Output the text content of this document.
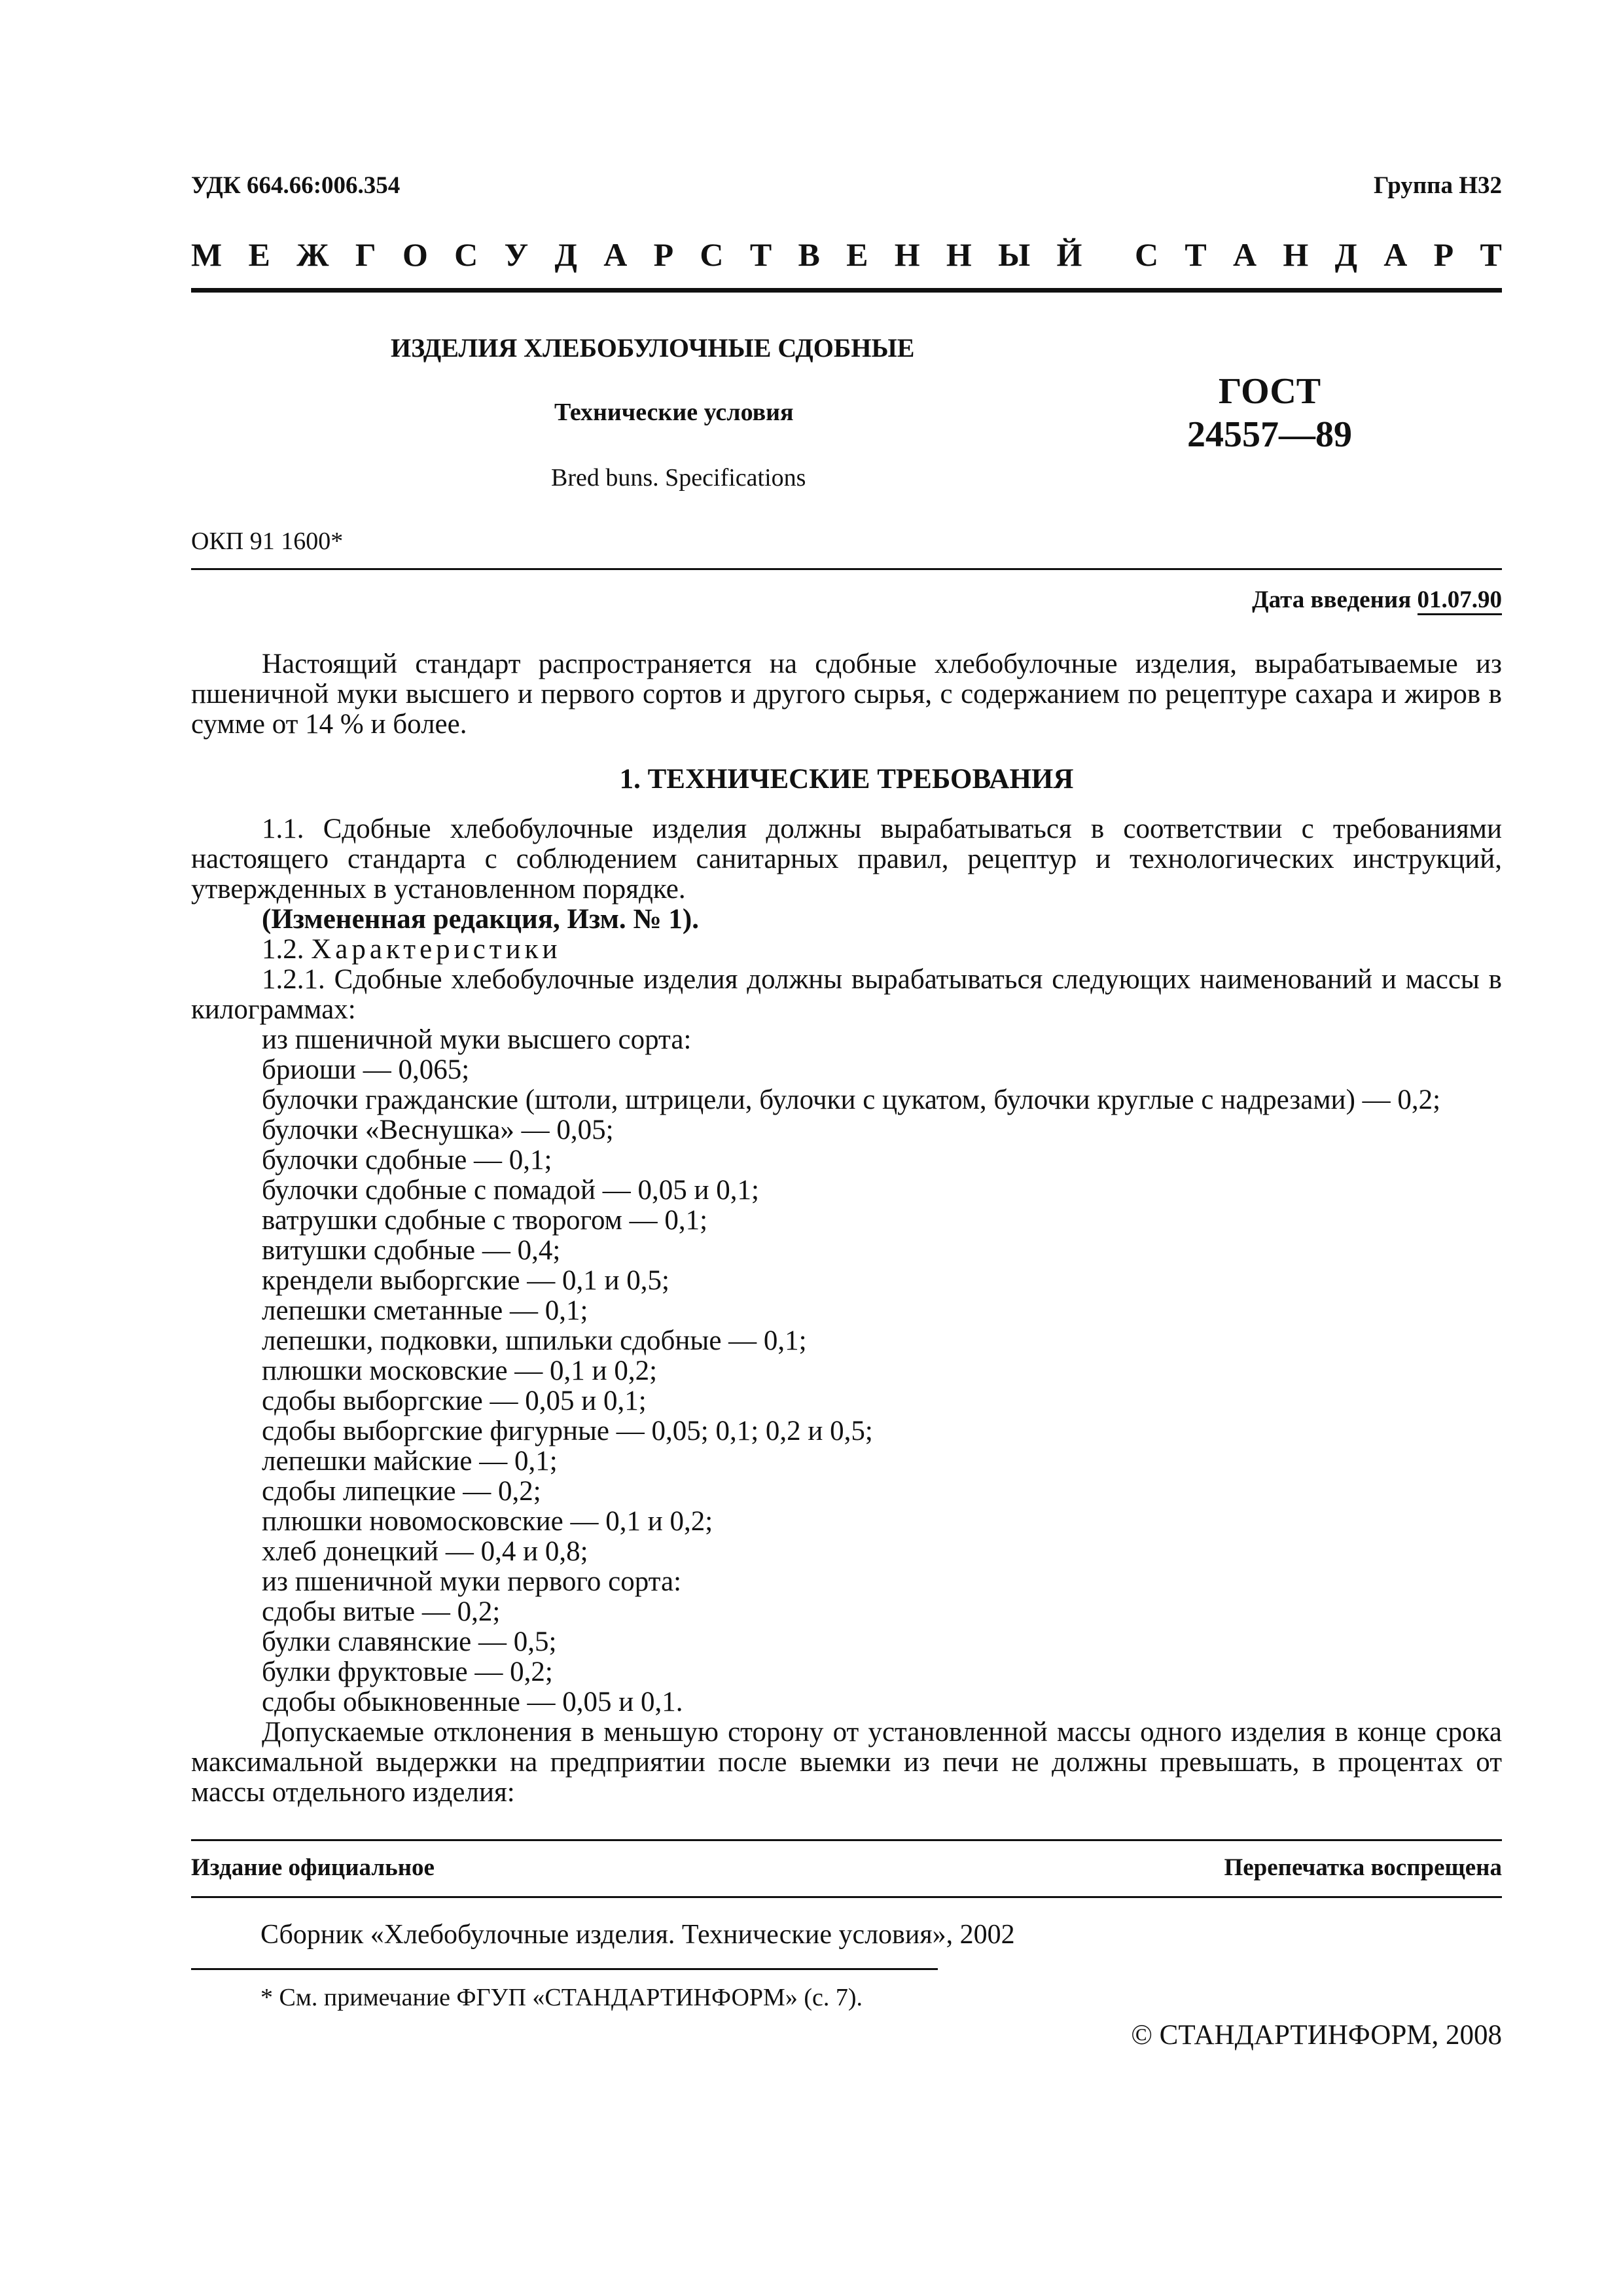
УДК 664.66:006.354	Группа Н32
М Е Ж Г О С У Д А Р С Т В Е Н Н Ы Й С Т А Н Д А Р Т
ИЗДЕЛИЯ ХЛЕБОБУЛОЧНЫЕ СДОБНЫЕ
Технические условия
Bred buns. Specifications
ГОСТ
24557—89
ОКП 91 1600*
Дата введения 01.07.90

Настоящий стандарт распространяется на сдобные хлебобулочные изделия, вырабатываемые из пшеничной муки высшего и первого сортов и другого сырья, с содержанием по рецептуре сахара и жиров в сумме от 14 % и более.

1. ТЕХНИЧЕСКИЕ ТРЕБОВАНИЯ

1.1. Сдобные хлебобулочные изделия должны вырабатываться в соответствии с требованиями настоящего стандарта с соблюдением санитарных правил, рецептур и технологических инструкций, утвержденных в установленном порядке.

(Измененная редакция, Изм. № 1).

1.2. Характеристики

1.2.1. Сдобные хлебобулочные изделия должны вырабатываться следующих наименований и массы в килограммах:

из пшеничной муки высшего сорта:

бриоши — 0,065;

булочки гражданские (штоли, штрицели, булочки с цукатом, булочки круглые с надрезами) — 0,2;

булочки «Веснушка» — 0,05;

булочки сдобные — 0,1;

булочки сдобные с помадой — 0,05 и 0,1;

ватрушки сдобные с творогом — 0,1;

витушки сдобные — 0,4;

крендели выборгские — 0,1 и 0,5;

лепешки сметанные — 0,1;

лепешки, подковки, шпильки сдобные — 0,1;

плюшки московские — 0,1 и 0,2;

сдобы выборгские — 0,05 и 0,1;

сдобы выборгские фигурные — 0,05; 0,1; 0,2 и 0,5;

лепешки майские — 0,1;

сдобы липецкие — 0,2;

плюшки новомосковские — 0,1 и 0,2;

хлеб донецкий — 0,4 и 0,8;

из пшеничной муки первого сорта:

сдобы витые — 0,2;

булки славянские — 0,5;

булки фруктовые — 0,2;

сдобы обыкновенные — 0,05 и 0,1.

Допускаемые отклонения в меньшую сторону от установленной массы одного изделия в конце срока максимальной выдержки на предприятии после выемки из печи не должны превышать, в процентах от массы отдельного изделия:

Издание официальное	Перепечатка воспрещена
Сборник «Хлебобулочные изделия. Технические условия», 2002
* См. примечание ФГУП «СТАНДАРТИНФОРМ» (с. 7).
© СТАНДАРТИНФОРМ, 2008
